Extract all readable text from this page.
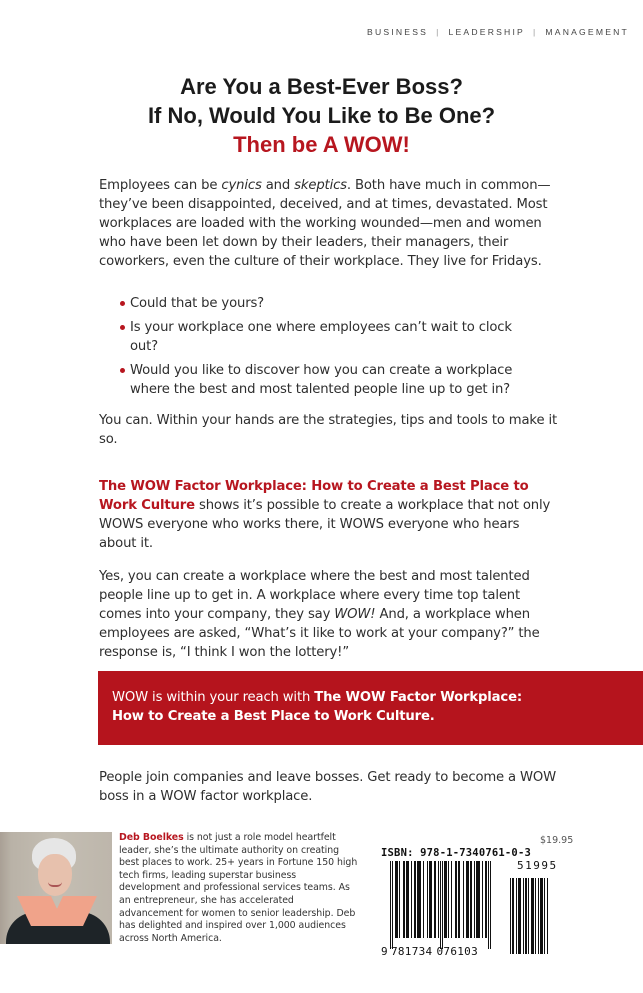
BUSINESS | LEADERSHIP | MANAGEMENT
Are You a Best-Ever Boss?
If No, Would You Like to Be One?
Then be A WOW!

Employees can be cynics and skeptics. Both have much in common—they’ve been disappointed, deceived, and at times, devastated. Most workplaces are loaded with the working wounded—men and women who have been let down by their leaders, their managers, their coworkers, even the culture of their workplace. They live for Fridays.

Could that be yours?
Is your workplace one where employees can’t wait to clock out?
Would you like to discover how you can create a workplace where the best and most talented people line up to get in?

You can. Within your hands are the strategies, tips and tools to make it so.

The WOW Factor Workplace: How to Create a Best Place to Work Culture shows it’s possible to create a workplace that not only WOWS everyone who works there, it WOWS everyone who hears about it.

Yes, you can create a workplace where the best and most talented people line up to get in. A workplace where every time top talent comes into your company, they say WOW! And, a workplace when employees are asked, “What’s it like to work at your company?” the response is, “I think I won the lottery!”

WOW is within your reach with The WOW Factor Workplace:
How to Create a Best Place to Work Culture.

People join companies and leave bosses. Get ready to become a WOW boss in a WOW factor workplace.

Deb Boelkes is not just a role model heartfelt leader, she’s the ultimate authority on creating best places to work. 25+ years in Fortune 150 high tech firms, leading superstar business development and professional services teams. As an entrepreneur, she has accelerated advancement for women to senior leadership. Deb has delighted and inspired over 1,000 audiences across North America.

$19.95
ISBN: 978-1-7340761-0-3
51995
9 781734 076103
